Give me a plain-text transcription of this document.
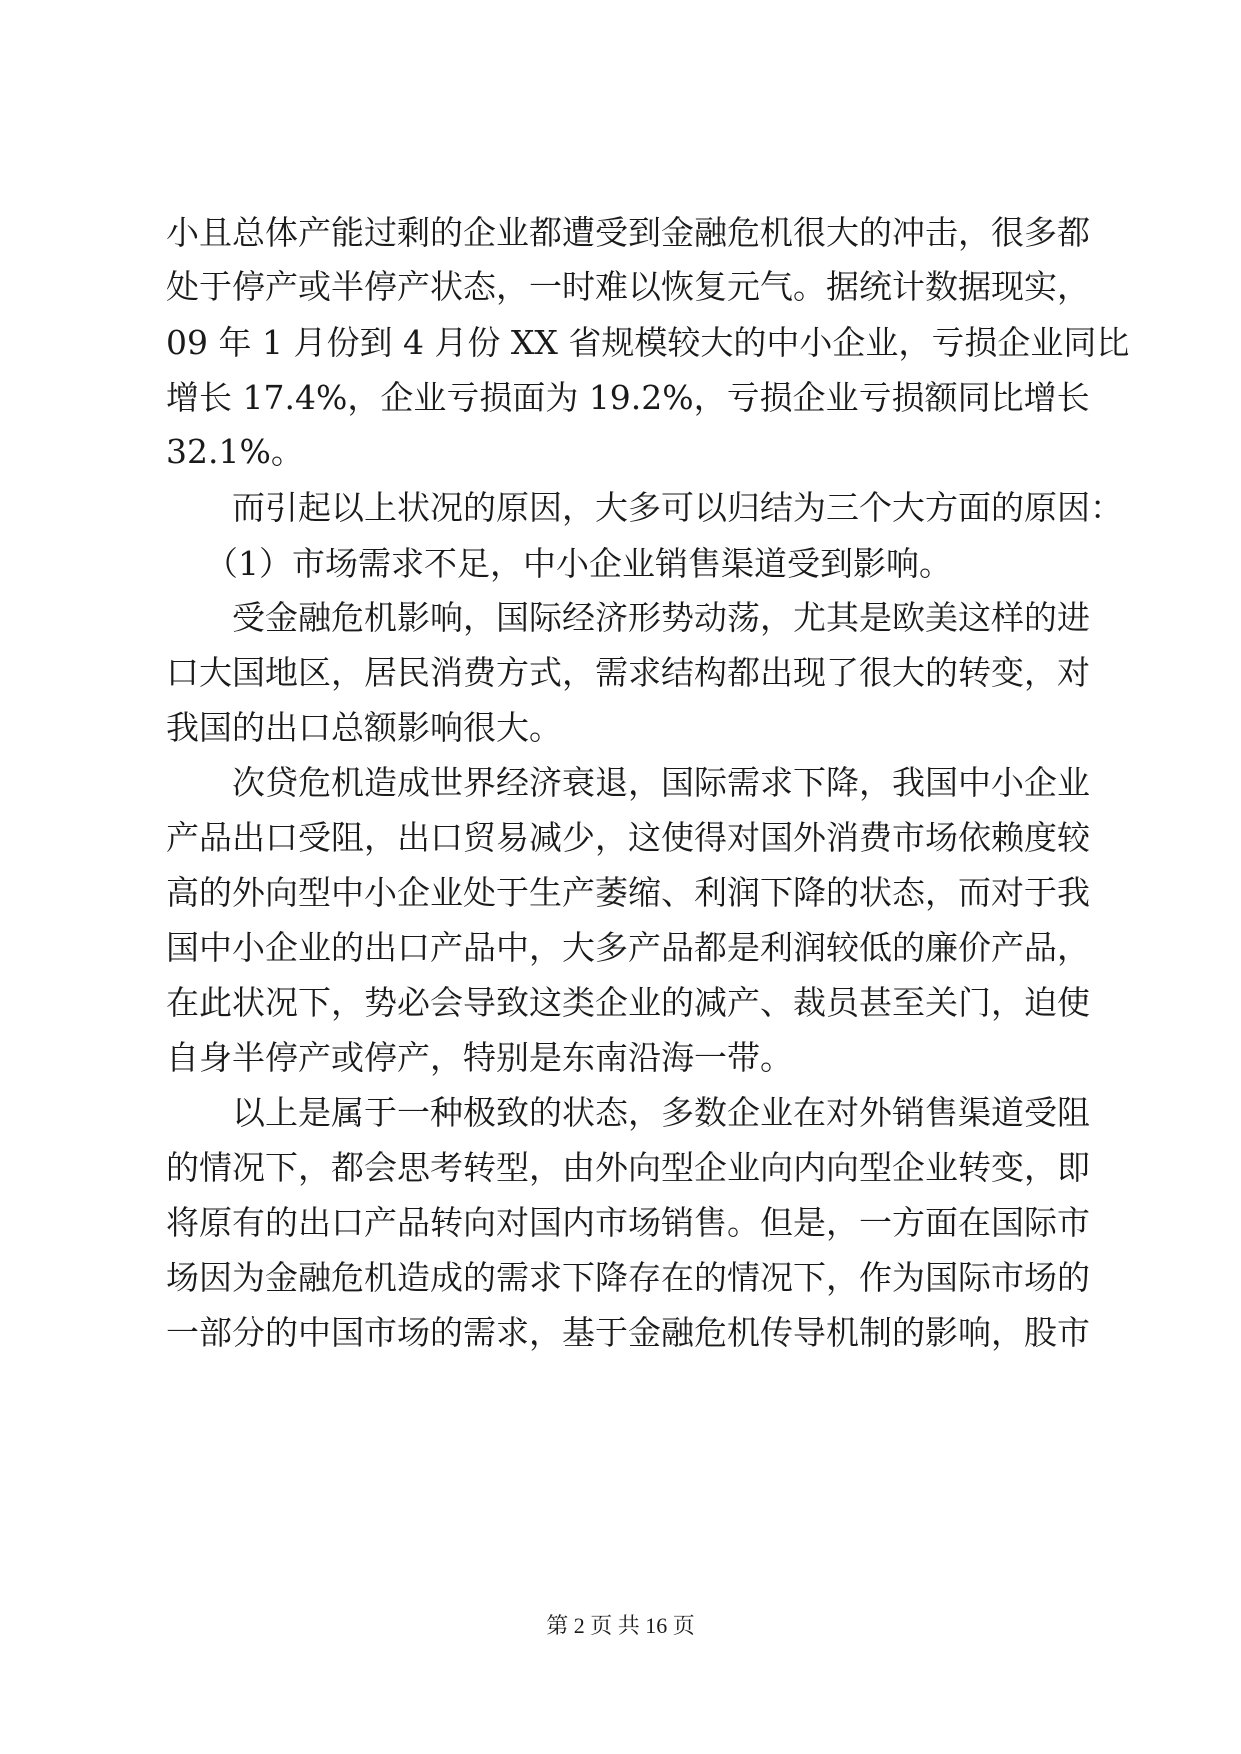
小且总体产能过剩的企业都遭受到金融危机很大的冲击，很多都
处于停产或半停产状态，一时难以恢复元气。据统计数据现实，
09 年 1 月份到 4 月份 XX 省规模较大的中小企业，亏损企业同比
增长 17.4%，企业亏损面为 19.2%，亏损企业亏损额同比增长
32.1%。
而引起以上状况的原因，大多可以归结为三个大方面的原因：
（1）市场需求不足，中小企业销售渠道受到影响。
受金融危机影响，国际经济形势动荡，尤其是欧美这样的进
口大国地区，居民消费方式，需求结构都出现了很大的转变，对
我国的出口总额影响很大。
次贷危机造成世界经济衰退，国际需求下降，我国中小企业
产品出口受阻，出口贸易减少，这使得对国外消费市场依赖度较
高的外向型中小企业处于生产萎缩、利润下降的状态，而对于我
国中小企业的出口产品中，大多产品都是利润较低的廉价产品，
在此状况下，势必会导致这类企业的减产、裁员甚至关门，迫使
自身半停产或停产，特别是东南沿海一带。
以上是属于一种极致的状态，多数企业在对外销售渠道受阻
的情况下，都会思考转型，由外向型企业向内向型企业转变，即
将原有的出口产品转向对国内市场销售。但是，一方面在国际市
场因为金融危机造成的需求下降存在的情况下，作为国际市场的
一部分的中国市场的需求，基于金融危机传导机制的影响，股市
第 2 页 共 16 页
